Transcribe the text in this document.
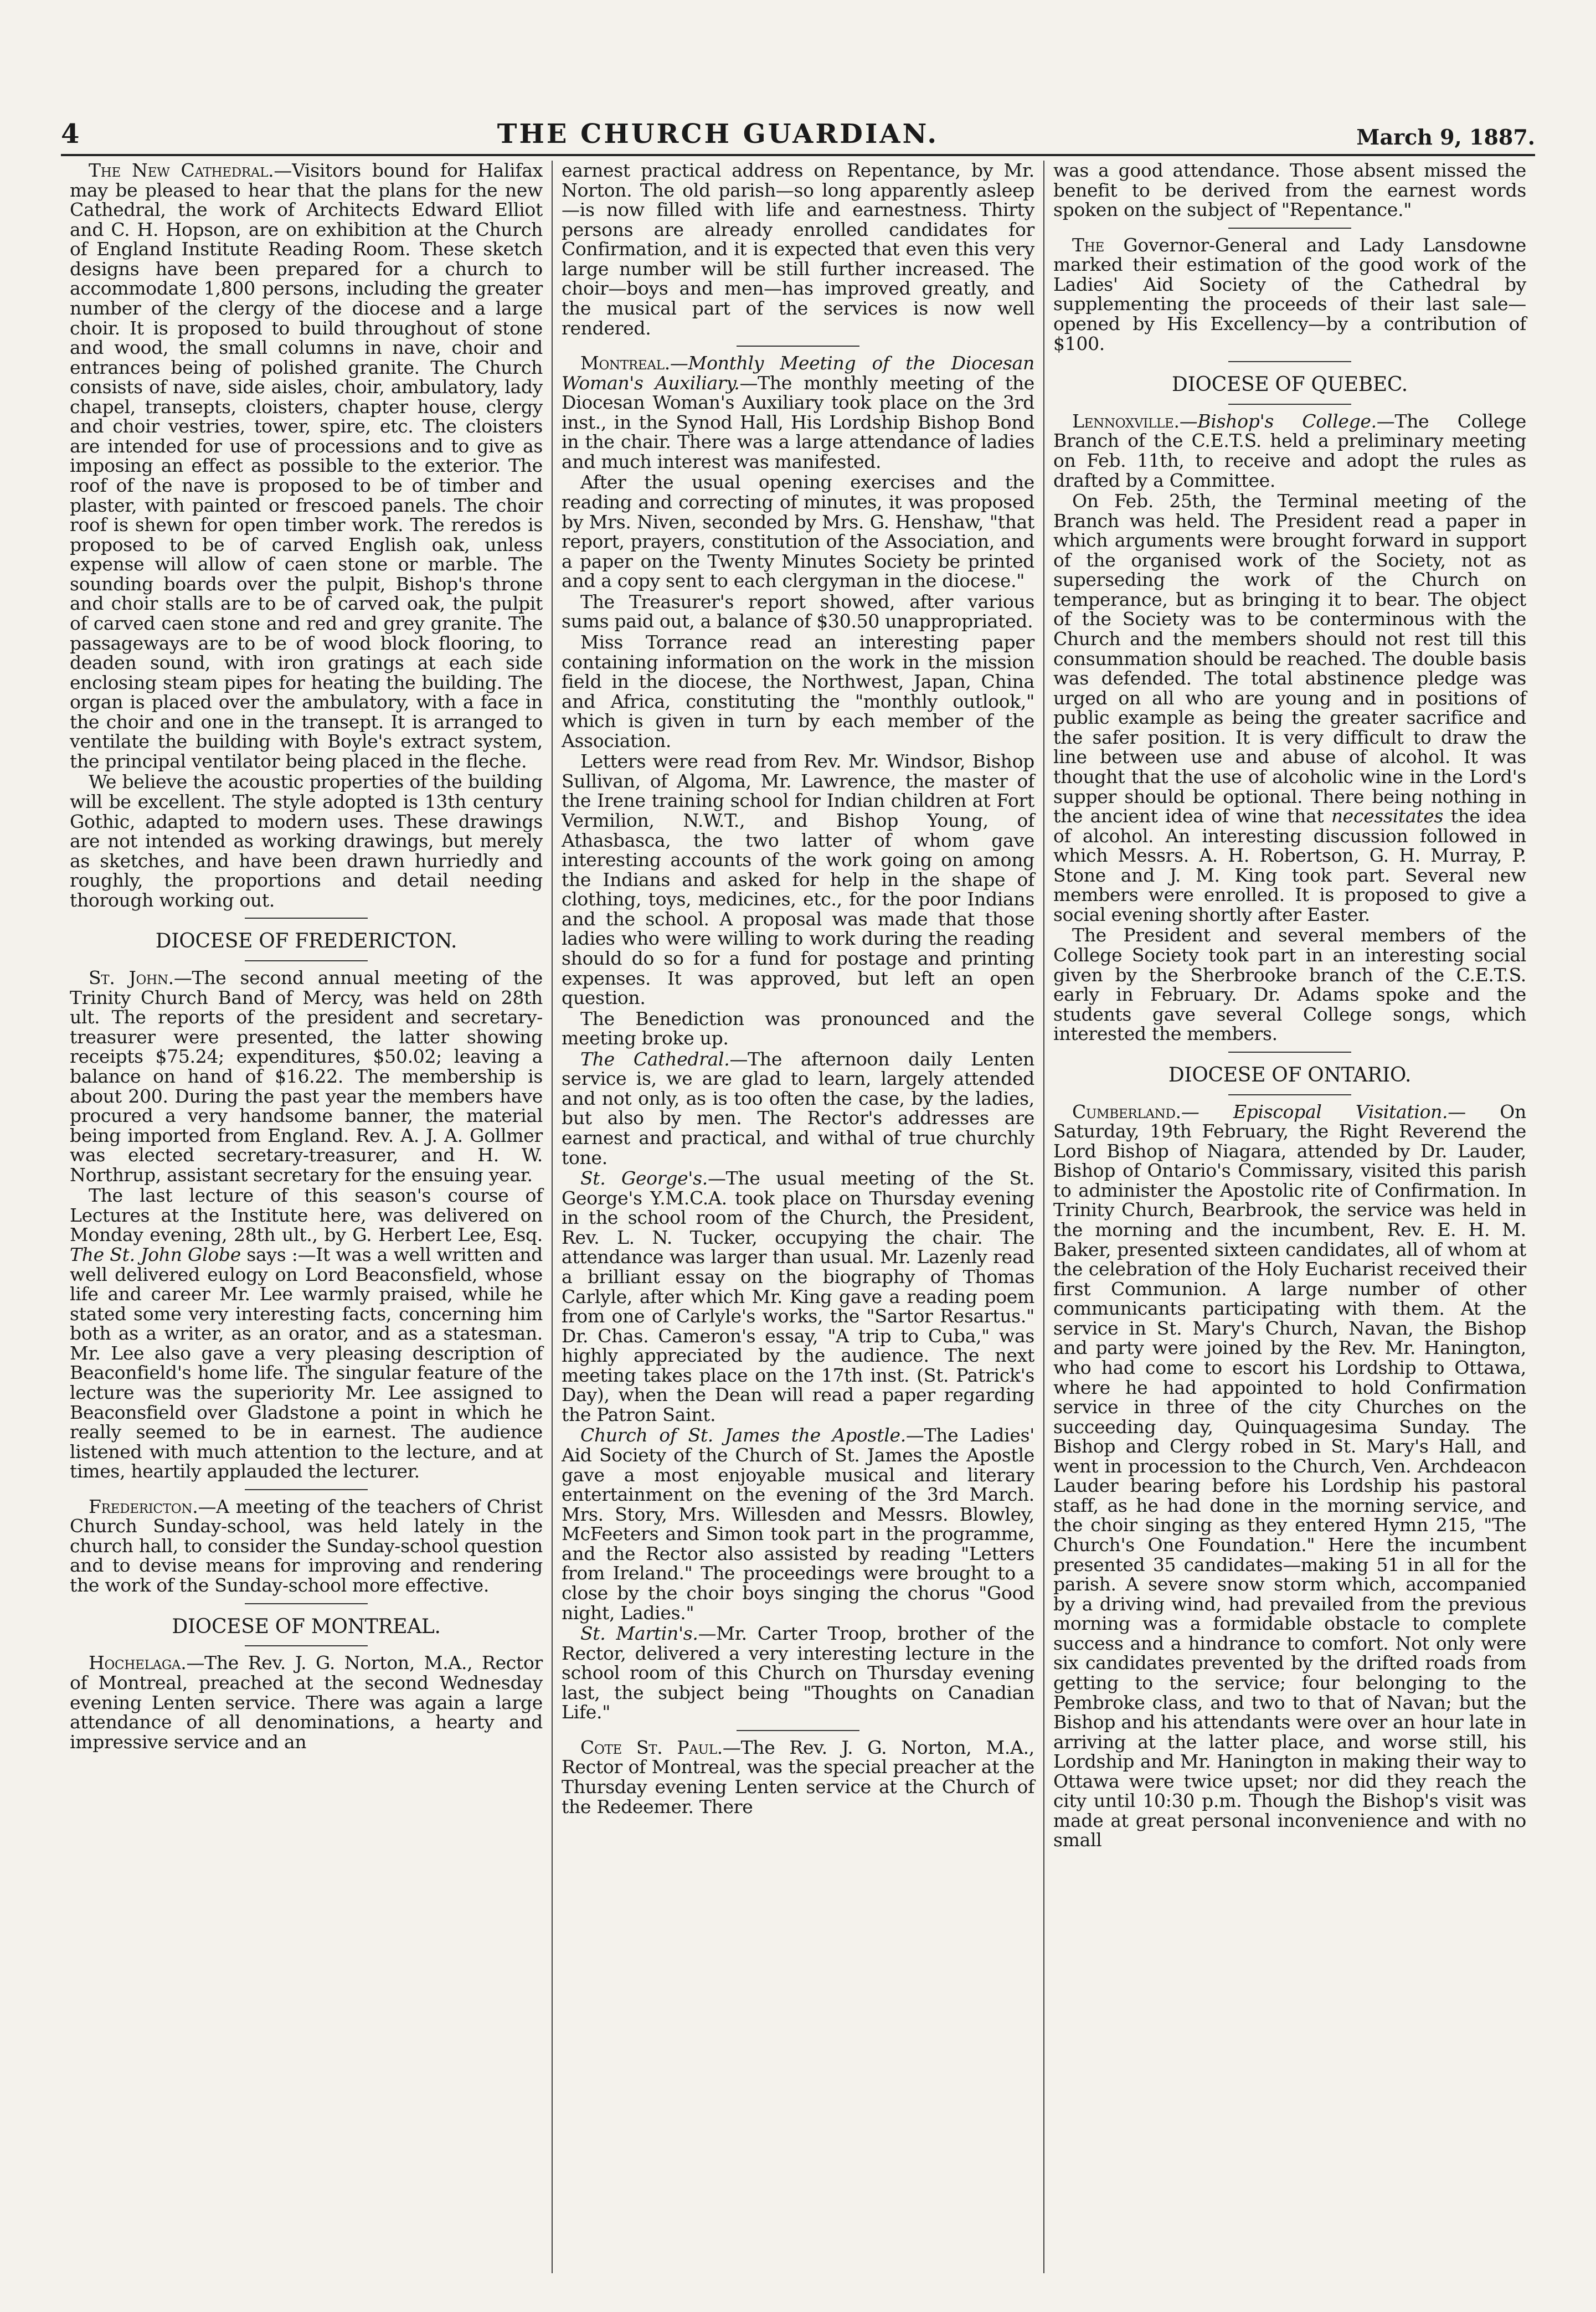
4	THE CHURCH GUARDIAN.	March 9, 1887.

The New Cathedral.—Visitors bound for Halifax may be pleased to hear that the plans for the new Cathedral, the work of Architects Edward Elliot and C. H. Hopson, are on exhibition at the Church of England Institute Reading Room. These sketch designs have been prepared for a church to accommodate 1,800 persons, including the greater number of the clergy of the diocese and a large choir. It is proposed to build throughout of stone and wood, the small columns in nave, choir and entrances being of polished granite. The Church consists of nave, side aisles, choir, ambulatory, lady chapel, transepts, cloisters, chapter house, clergy and choir vestries, tower, spire, etc. The cloisters are intended for use of processions and to give as imposing an effect as possible to the exterior. The roof of the nave is proposed to be of timber and plaster, with painted or frescoed panels. The choir roof is shewn for open timber work. The reredos is proposed to be of carved English oak, unless expense will allow of caen stone or marble. The sounding boards over the pulpit, Bishop's throne and choir stalls are to be of carved oak, the pulpit of carved caen stone and red and grey granite. The passageways are to be of wood block flooring, to deaden sound, with iron gratings at each side enclosing steam pipes for heating the building. The organ is placed over the ambulatory, with a face in the choir and one in the transept. It is arranged to ventilate the building with Boyle's extract system, the principal ventilator being placed in the fleche.

We believe the acoustic properties of the building will be excellent. The style adopted is 13th century Gothic, adapted to modern uses. These drawings are not intended as working drawings, but merely as sketches, and have been drawn hurriedly and roughly, the proportions and detail needing thorough working out.

DIOCESE OF FREDERICTON.

St. John.—The second annual meeting of the Trinity Church Band of Mercy, was held on 28th ult. The reports of the president and secretary-treasurer were presented, the latter showing receipts $75.24; expenditures, $50.02; leaving a balance on hand of $16.22. The membership is about 200. During the past year the members have procured a very handsome banner, the material being imported from England. Rev. A. J. A. Gollmer was elected secretary-treasurer, and H. W. Northrup, assistant secretary for the ensuing year.

The last lecture of this season's course of Lectures at the Institute here, was delivered on Monday evening, 28th ult., by G. Herbert Lee, Esq. The St. John Globe says :—It was a well written and well delivered eulogy on Lord Beaconsfield, whose life and career Mr. Lee warmly praised, while he stated some very interesting facts, concerning him both as a writer, as an orator, and as a statesman. Mr. Lee also gave a very pleasing description of Beaconfield's home life. The singular feature of the lecture was the superiority Mr. Lee assigned to Beaconsfield over Gladstone a point in which he really seemed to be in earnest. The audience listened with much attention to the lecture, and at times, heartily applauded the lecturer.

Fredericton.—A meeting of the teachers of Christ Church Sunday-school, was held lately in the church hall, to consider the Sunday-school question and to devise means for improving and rendering the work of the Sunday-school more effective.

DIOCESE OF MONTREAL.

Hochelaga.—The Rev. J. G. Norton, M.A., Rector of Montreal, preached at the second Wednesday evening Lenten service. There was again a large attendance of all denominations, a hearty and impressive service and an

earnest practical address on Repentance, by Mr. Norton. The old parish—so long apparently asleep—is now filled with life and earnestness. Thirty persons are already enrolled candidates for Confirmation, and it is expected that even this very large number will be still further increased. The choir—boys and men—has improved greatly, and the musical part of the services is now well rendered.

Montreal.—Monthly Meeting of the Diocesan Woman's Auxiliary.—The monthly meeting of the Diocesan Woman's Auxiliary took place on the 3rd inst., in the Synod Hall, His Lordship Bishop Bond in the chair. There was a large attendance of ladies and much interest was manifested.

After the usual opening exercises and the reading and correcting of minutes, it was proposed by Mrs. Niven, seconded by Mrs. G. Henshaw, "that report, prayers, constitution of the Association, and a paper on the Twenty Minutes Society be printed and a copy sent to each clergyman in the diocese."

The Treasurer's report showed, after various sums paid out, a balance of $30.50 unappropriated.

Miss Torrance read an interesting paper containing information on the work in the mission field in the diocese, the Northwest, Japan, China and Africa, constituting the "monthly outlook," which is given in turn by each member of the Association.

Letters were read from Rev. Mr. Windsor, Bishop Sullivan, of Algoma, Mr. Lawrence, the master of the Irene training school for Indian children at Fort Vermilion, N.W.T., and Bishop Young, of Athasbasca, the two latter of whom gave interesting accounts of the work going on among the Indians and asked for help in the shape of clothing, toys, medicines, etc., for the poor Indians and the school. A proposal was made that those ladies who were willing to work during the reading should do so for a fund for postage and printing expenses. It was approved, but left an open question.

The Benediction was pronounced and the meeting broke up.

The Cathedral.—The afternoon daily Lenten service is, we are glad to learn, largely attended and not only, as is too often the case, by the ladies, but also by men. The Rector's addresses are earnest and practical, and withal of true churchly tone.

St. George's.—The usual meeting of the St. George's Y.M.C.A. took place on Thursday evening in the school room of the Church, the President, Rev. L. N. Tucker, occupying the chair. The attendance was larger than usual. Mr. Lazenly read a brilliant essay on the biography of Thomas Carlyle, after which Mr. King gave a reading poem from one of Carlyle's works, the "Sartor Resartus." Dr. Chas. Cameron's essay, "A trip to Cuba," was highly appreciated by the audience. The next meeting takes place on the 17th inst. (St. Patrick's Day), when the Dean will read a paper regarding the Patron Saint.

Church of St. James the Apostle.—The Ladies' Aid Society of the Church of St. James the Apostle gave a most enjoyable musical and literary entertainment on the evening of the 3rd March. Mrs. Story, Mrs. Willesden and Messrs. Blowley, McFeeters and Simon took part in the programme, and the Rector also assisted by reading "Letters from Ireland." The proceedings were brought to a close by the choir boys singing the chorus "Good night, Ladies."

St. Martin's.—Mr. Carter Troop, brother of the Rector, delivered a very interesting lecture in the school room of this Church on Thursday evening last, the subject being "Thoughts on Canadian Life."

Cote St. Paul.—The Rev. J. G. Norton, M.A., Rector of Montreal, was the special preacher at the Thursday evening Lenten service at the Church of the Redeemer. There

was a good attendance. Those absent missed the benefit to be derived from the earnest words spoken on the subject of "Repentance."

The Governor-General and Lady Lansdowne marked their estimation of the good work of the Ladies' Aid Society of the Cathedral by supplementing the proceeds of their last sale—opened by His Excellency—by a contribution of $100.

DIOCESE OF QUEBEC.

Lennoxville.—Bishop's College.—The College Branch of the C.E.T.S. held a preliminary meeting on Feb. 11th, to receive and adopt the rules as drafted by a Committee.

On Feb. 25th, the Terminal meeting of the Branch was held. The President read a paper in which arguments were brought forward in support of the organised work of the Society, not as superseding the work of the Church on temperance, but as bringing it to bear. The object of the Society was to be conterminous with the Church and the members should not rest till this consummation should be reached. The double basis was defended. The total abstinence pledge was urged on all who are young and in positions of public example as being the greater sacrifice and the safer position. It is very difficult to draw the line between use and abuse of alcohol. It was thought that the use of alcoholic wine in the Lord's supper should be optional. There being nothing in the ancient idea of wine that necessitates the idea of alcohol. An interesting discussion followed in which Messrs. A. H. Robertson, G. H. Murray, P. Stone and J. M. King took part. Several new members were enrolled. It is proposed to give a social evening shortly after Easter.

The President and several members of the College Society took part in an interesting social given by the Sherbrooke branch of the C.E.T.S. early in February. Dr. Adams spoke and the students gave several College songs, which interested the members.

DIOCESE OF ONTARIO.

Cumberland.— Episcopal Visitation.— On Saturday, 19th February, the Right Reverend the Lord Bishop of Niagara, attended by Dr. Lauder, Bishop of Ontario's Commissary, visited this parish to administer the Apostolic rite of Confirmation. In Trinity Church, Bearbrook, the service was held in the morning and the incumbent, Rev. E. H. M. Baker, presented sixteen candidates, all of whom at the celebration of the Holy Eucharist received their first Communion. A large number of other communicants participating with them. At the service in St. Mary's Church, Navan, the Bishop and party were joined by the Rev. Mr. Hanington, who had come to escort his Lordship to Ottawa, where he had appointed to hold Confirmation service in three of the city Churches on the succeeding day, Quinquagesima Sunday. The Bishop and Clergy robed in St. Mary's Hall, and went in procession to the Church, Ven. Archdeacon Lauder bearing before his Lordship his pastoral staff, as he had done in the morning service, and the choir singing as they entered Hymn 215, "The Church's One Foundation." Here the incumbent presented 35 candidates—making 51 in all for the parish. A severe snow storm which, accompanied by a driving wind, had prevailed from the previous morning was a formidable obstacle to complete success and a hindrance to comfort. Not only were six candidates prevented by the drifted roads from getting to the service; four belonging to the Pembroke class, and two to that of Navan; but the Bishop and his attendants were over an hour late in arriving at the latter place, and worse still, his Lordship and Mr. Hanington in making their way to Ottawa were twice upset; nor did they reach the city until 10:30 p.m. Though the Bishop's visit was made at great personal inconvenience and with no small
